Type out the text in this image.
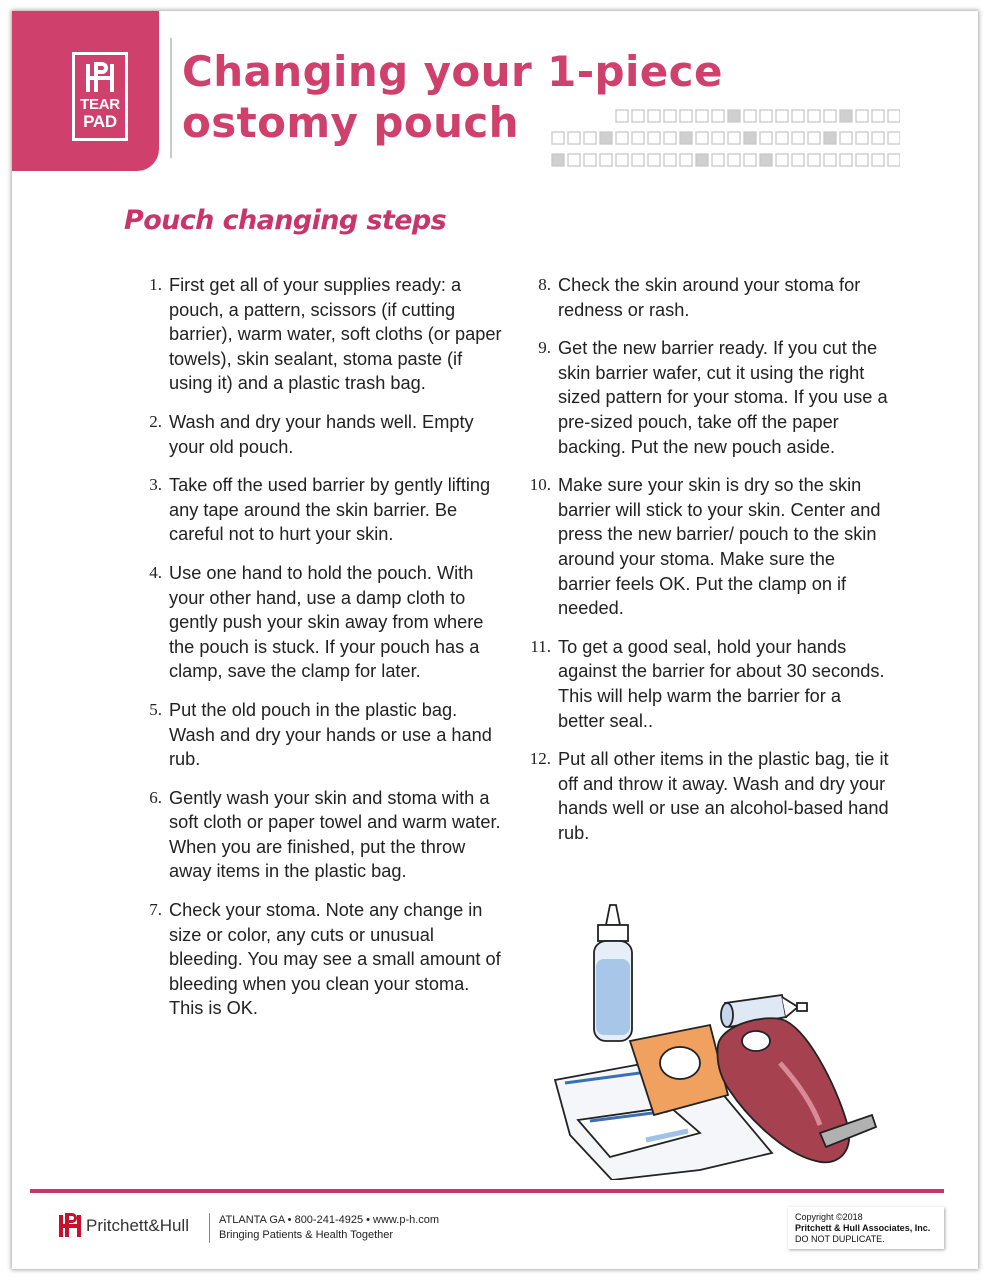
TEAR
PAD
Changing your 1-piece
ostomy pouch
Pouch changing steps
1. First get all of your supplies ready: a pouch, a pattern, scissors (if cutting barrier), warm water, soft cloths (or paper towels), skin sealant, stoma paste (if using it) and a plastic trash bag.
2. Wash and dry your hands well. Empty your old pouch.
3. Take off the used barrier by gently lifting any tape around the skin barrier. Be careful not to hurt your skin.
4. Use one hand to hold the pouch. With your other hand, use a damp cloth to gently push your skin away from where the pouch is stuck. If your pouch has a clamp, save the clamp for later.
5. Put the old pouch in the plastic bag. Wash and dry your hands or use a hand rub.
6. Gently wash your skin and stoma with a soft cloth or paper towel and warm water. When you are finished, put the throw away items in the plastic bag.
7. Check your stoma. Note any change in size or color, any cuts or unusual bleeding. You may see a small amount of bleeding when you clean your stoma. This is OK.
8. Check the skin around your stoma for redness or rash.
9. Get the new barrier ready. If you cut the skin barrier wafer, cut it using the right sized pattern for your stoma. If you use a pre-sized pouch, take off the paper backing. Put the new pouch aside.
10. Make sure your skin is dry so the skin barrier will stick to your skin. Center and press the new barrier/ pouch to the skin around your stoma. Make sure the barrier feels OK. Put the clamp on if needed.
11. To get a good seal, hold your hands against the barrier for about 30 seconds. This will help warm the barrier for a better seal..
12. Put all other items in the plastic bag, tie it off and throw it away. Wash and dry your hands well or use an alcohol-based hand rub.
Pritchett&Hull	ATLANTA GA • 800-241-4925 • www.p-h.com
Bringing Patients & Health Together
Copyright ©2018
Pritchett & Hull Associates, Inc.
DO NOT DUPLICATE.
